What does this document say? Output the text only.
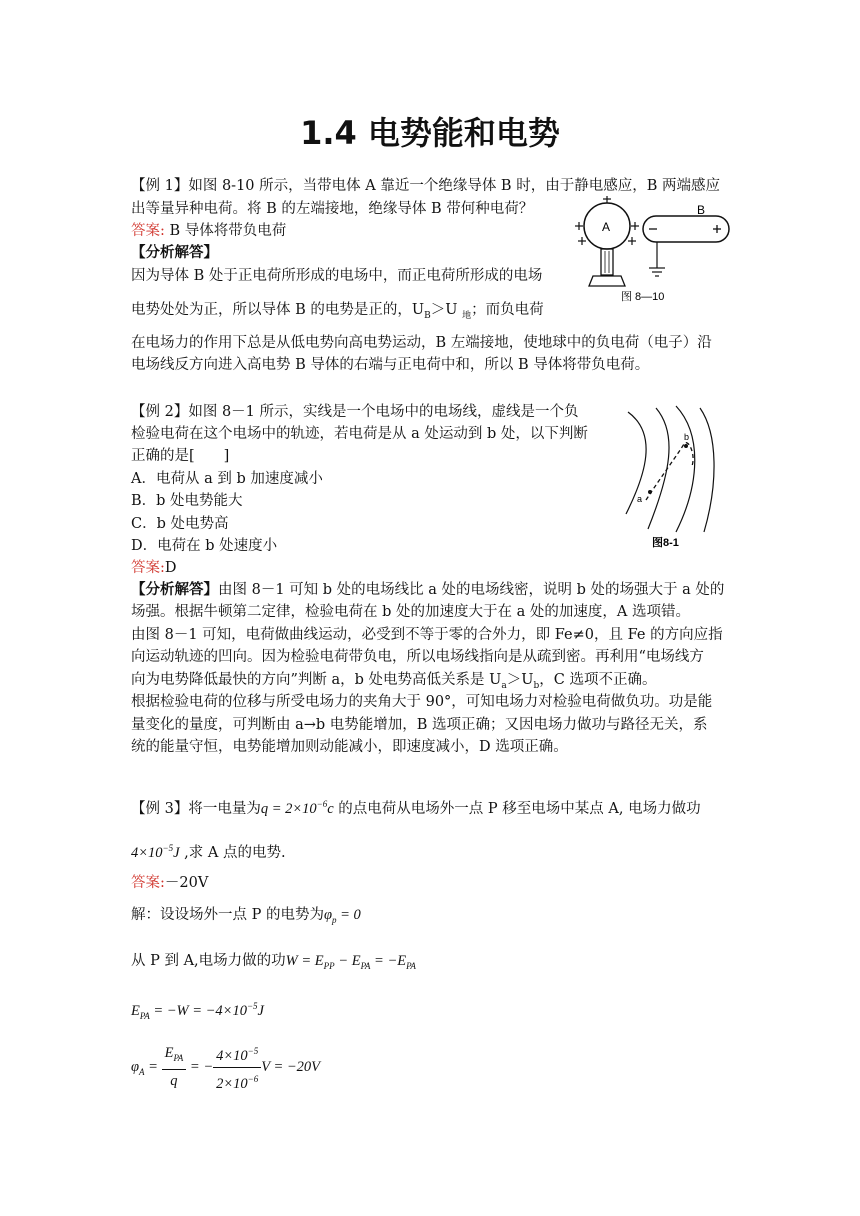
1.4 电势能和电势
【例 1】如图 8-10 所示，当带电体 A 靠近一个绝缘导体 B 时，由于静电感应，B 两端感应
出等量异种电荷。将 B 的左端接地，绝缘导体 B 带何种电荷？
答案: B 导体将带负电荷
【分析解答】
因为导体 B 处于正电荷所形成的电场中，而正电荷所形成的电场
电势处处为正，所以导体 B 的电势是正的，$U_B>U$ $_地$；而负电荷
在电场力的作用下总是从低电势向高电势运动，B 左端接地，使地球中的负电荷（电子）沿
电场线反方向进入高电势 B 导体的右端与正电荷中和，所以 B 导体将带负电荷。
A
B
图 8—10
【例 2】如图 8－1 所示，实线是一个电场中的电场线，虚线是一个负
检验电荷在这个电场中的轨迹，若电荷是从 a 处运动到 b 处，以下判断
正确的是[　　]
A．电荷从 a 到 b 加速度减小
B．b 处电势能大
C．b 处电势高
D．电荷在 b 处速度小
答案:D
【分析解答】由图 8－1 可知 b 处的电场线比 a 处的电场线密，说明 b 处的场强大于 a 处的
场强。根据牛顿第二定律，检验电荷在 b 处的加速度大于在 a 处的加速度，A 选项错。
由图 8－1 可知，电荷做曲线运动，必受到不等于零的合外力，即 Fe≠0，且 Fe 的方向应指
向运动轨迹的凹向。因为检验电荷带负电，所以电场线指向是从疏到密。再利用“电场线方
向为电势降低最快的方向”判断 a，b 处电势高低关系是 $U_a>U_b$，C 选项不正确。
根据检验电荷的位移与所受电场力的夹角大于 90°，可知电场力对检验电荷做负功。功是能
量变化的量度，可判断由 a→b 电势能增加，B 选项正确；又因电场力做功与路径无关，系
统的能量守恒，电势能增加则动能减小，即速度减小，D 选项正确。
a
b
图8-1
【例 3】将一电量为$q = 2\times 10^{-6}c$ 的点电荷从电场外一点 P 移至电场中某点 A, 电场力做功
$4\times 10^{-5}J$ ,求 A 点的电势.
答案:－20V
解：设设场外一点 P 的电势为$\varphi_p = 0$
从 P 到 A,电场力做的功$W = E_{PP} - E_{PA} = -E_{PA}$
$E_{PA} = -W = -4\times 10^{-5}J$
$\varphi_A = \frac{E_{PA}}{q}$ = − $\frac{4\times 10^{-5}}{2\times 10^{-6}}$ V = −20V
